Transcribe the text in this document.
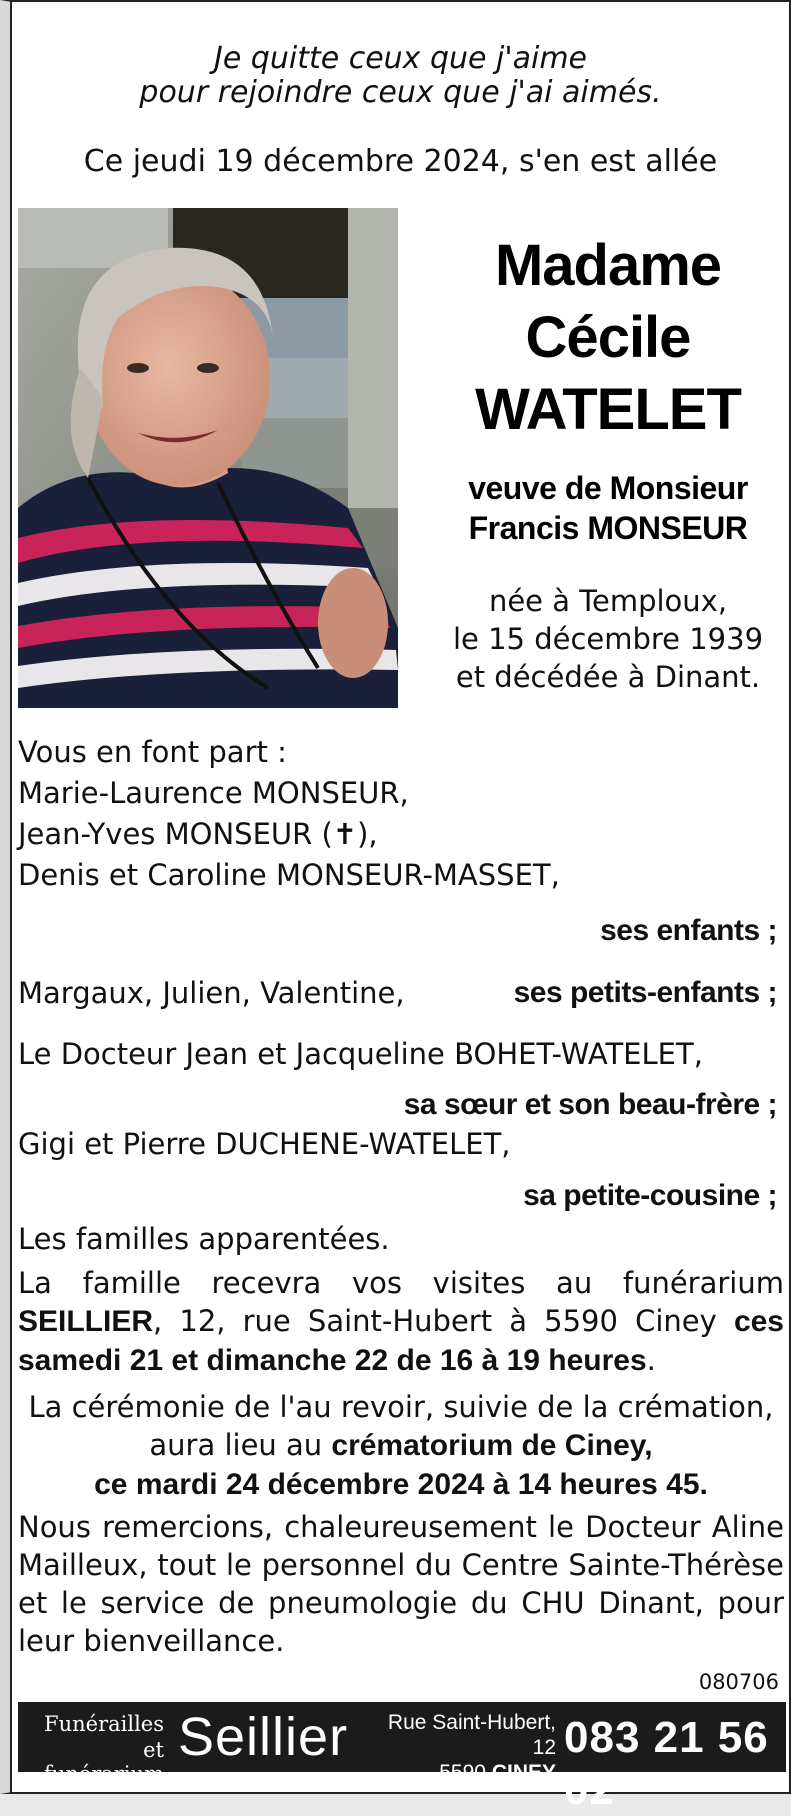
Je quitte ceux que j'aime
pour rejoindre ceux que j'ai aimés.
Ce jeudi 19 décembre 2024, s'en est allée
Madame
Cécile
WATELET
veuve de Monsieur
Francis MONSEUR
née à Temploux,
le 15 décembre 1939
et décédée à Dinant.
Vous en font part :
Marie-Laurence MONSEUR,
Jean-Yves MONSEUR (✝),
Denis et Caroline MONSEUR-MASSET,
ses enfants ;
Margaux, Julien, Valentine,	ses petits-enfants ;
Le Docteur Jean et Jacqueline BOHET-WATELET,
sa sœur et son beau-frère ;
Gigi et Pierre DUCHENE-WATELET,
sa petite-cousine ;
Les familles apparentées.
La famille recevra vos visites au funérarium SEILLIER, 12, rue Saint-Hubert à 5590 Ciney ces samedi 21 et dimanche 22 de 16 à 19 heures.
La cérémonie de l'au revoir, suivie de la crémation,
aura lieu au crématorium de Ciney,
ce mardi 24 décembre 2024 à 14 heures 45.
Nous remercions, chaleureusement le Docteur Aline Mailleux, tout le personnel du Centre Sainte-Thérèse et le service de pneumologie du CHU Dinant, pour leur bienveillance.
080706
Funérailles
et funérarium
Seillier Rue Saint-Hubert, 12
5590 CINEY
083 21 56 02
